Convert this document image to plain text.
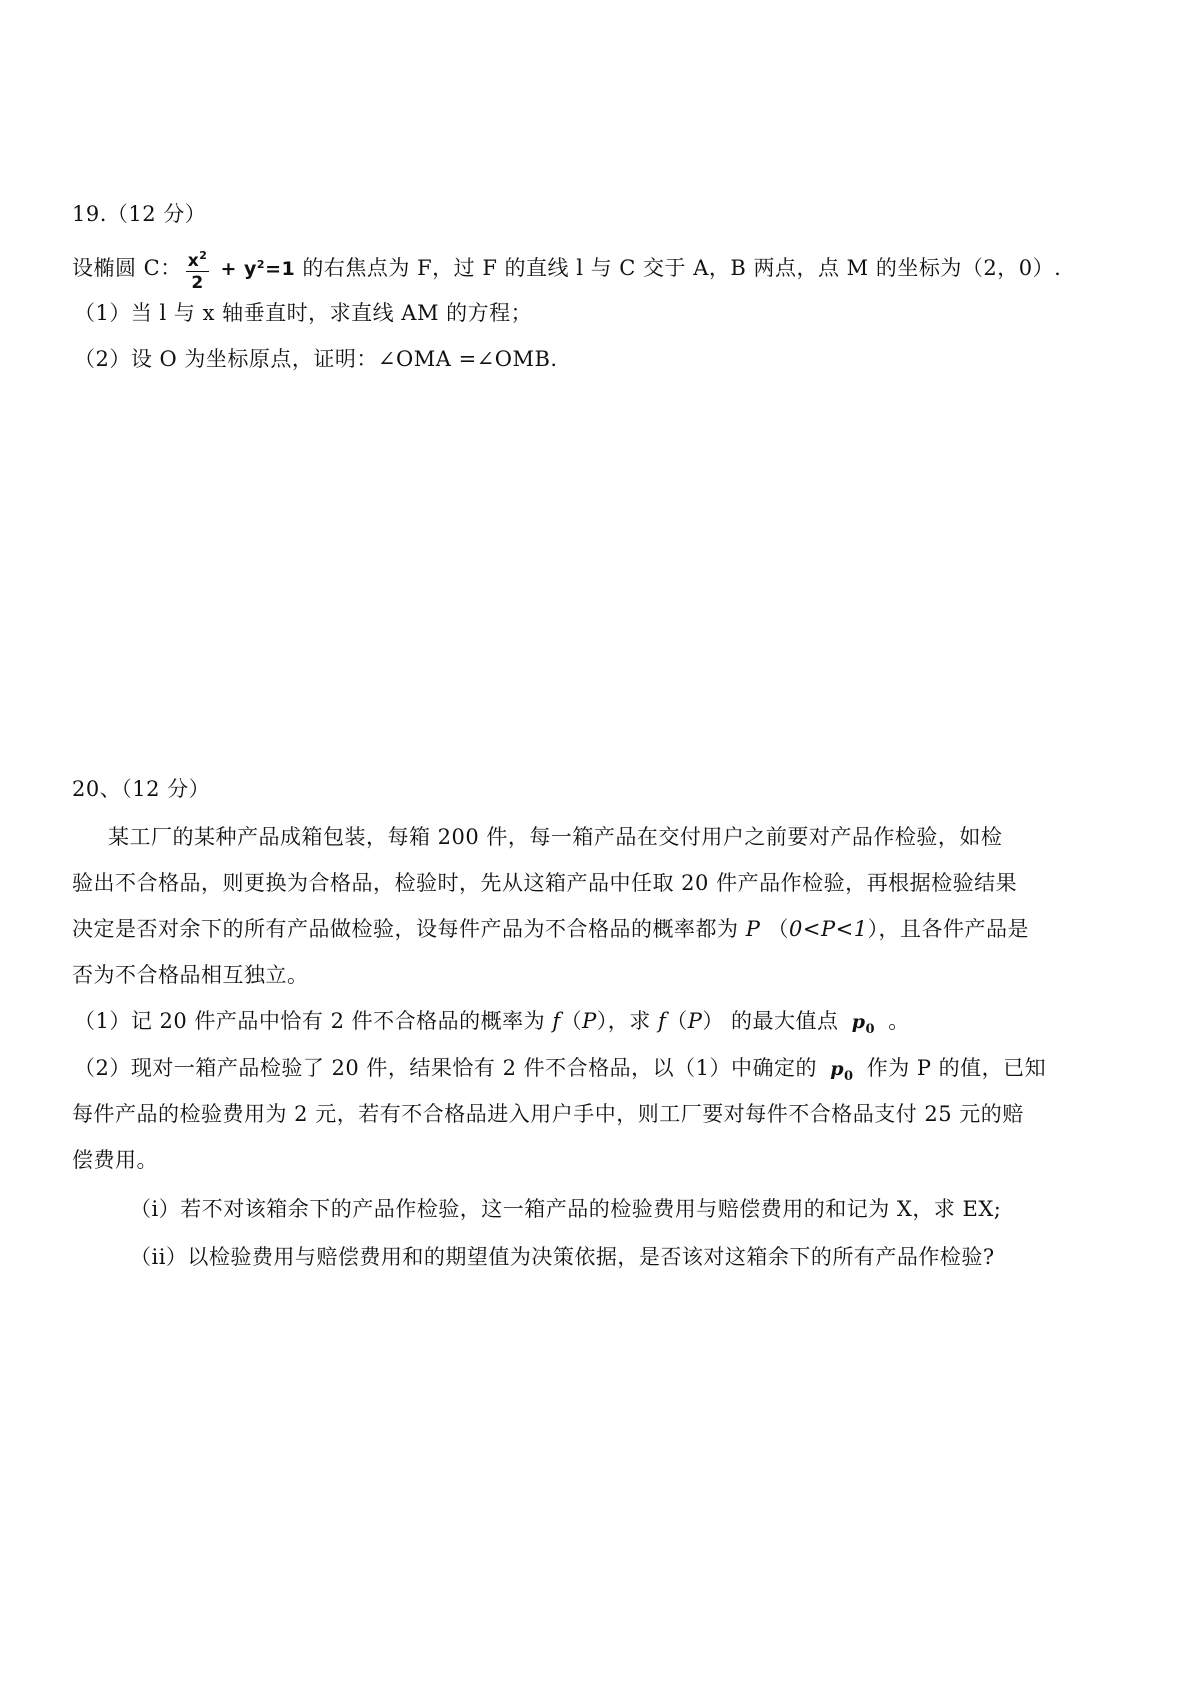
19.（12 分）
设椭圆 C： $\frac{x^2}{2} + y^2=1$ 的右焦点为 F，过 F 的直线 l 与 C 交于 A，B 两点，点 M 的坐标为（2，0）.
（1）当 l 与 x 轴垂直时，求直线 AM 的方程；
（2）设 O 为坐标原点，证明：∠OMA =∠OMB.
20、（12 分）
某工厂的某种产品成箱包装，每箱 200 件，每一箱产品在交付用户之前要对产品作检验，如检
验出不合格品，则更换为合格品，检验时，先从这箱产品中任取 20 件产品作检验，再根据检验结果
决定是否对余下的所有产品做检验，设每件产品为不合格品的概率都为 P （0<P<1），且各件产品是
否为不合格品相互独立。
（1）记 20 件产品中恰有 2 件不合格品的概率为 f（P），求 f（P） 的最大值点 $p_0$ 。
（2）现对一箱产品检验了 20 件，结果恰有 2 件不合格品，以（1）中确定的 $p_0$ 作为 P 的值，已知
每件产品的检验费用为 2 元，若有不合格品进入用户手中，则工厂要对每件不合格品支付 25 元的赔
偿费用。
（i）若不对该箱余下的产品作检验，这一箱产品的检验费用与赔偿费用的和记为 X，求 EX;
（ii）以检验费用与赔偿费用和的期望值为决策依据，是否该对这箱余下的所有产品作检验?
